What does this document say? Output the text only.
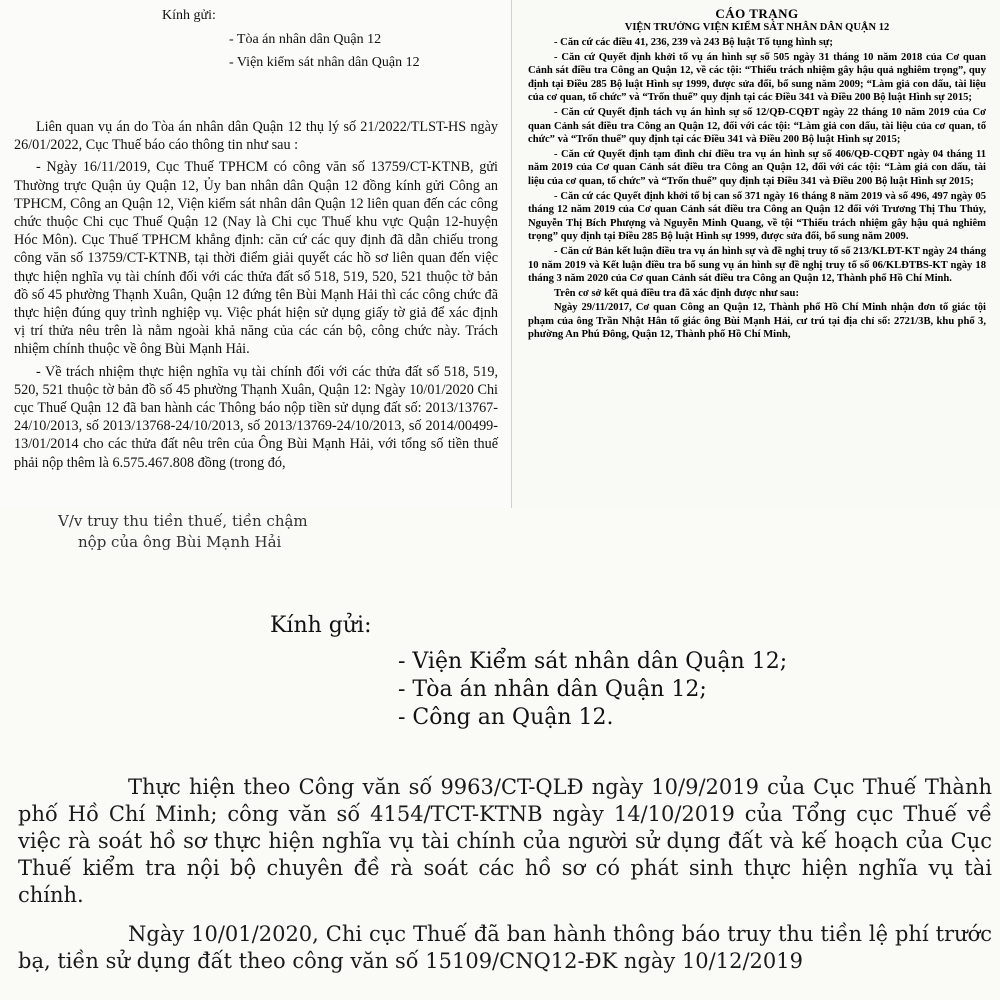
Kính gửi:
- Tòa án nhân dân Quận 12
- Viện kiểm sát nhân dân Quận 12

Liên quan vụ án do Tòa án nhân dân Quận 12 thụ lý số 21/2022/TLST-HS ngày 26/01/2022, Cục Thuế báo cáo thông tin như sau :

- Ngày 16/11/2019, Cục Thuế TPHCM có công văn số 13759/CT-KTNB, gửi Thường trực Quận ủy Quận 12, Ủy ban nhân dân Quận 12 đồng kính gửi Công an TPHCM, Công an Quận 12, Viện kiểm sát nhân dân Quận 12 liên quan đến các công chức thuộc Chi cục Thuế Quận 12 (Nay là Chi cục Thuế khu vực Quận 12-huyện Hóc Môn). Cục Thuế TPHCM khẳng định: căn cứ các quy định đã dẫn chiếu trong công văn số 13759/CT-KTNB, tại thời điểm giải quyết các hồ sơ liên quan đến việc thực hiện nghĩa vụ tài chính đối với các thửa đất số 518, 519, 520, 521 thuộc tờ bản đồ số 45 phường Thạnh Xuân, Quận 12 đứng tên Bùi Mạnh Hải thì các công chức đã thực hiện đúng quy trình nghiệp vụ. Việc phát hiện sử dụng giấy tờ giả để xác định vị trí thửa nêu trên là nằm ngoài khả năng của các cán bộ, công chức này. Trách nhiệm chính thuộc về ông Bùi Mạnh Hải.

- Về trách nhiệm thực hiện nghĩa vụ tài chính đối với các thửa đất số 518, 519, 520, 521 thuộc tờ bản đồ số 45 phường Thạnh Xuân, Quận 12: Ngày 10/01/2020 Chi cục Thuế Quận 12 đã ban hành các Thông báo nộp tiền sử dụng đất số: 2013/13767-24/10/2013, số 2013/13768-24/10/2013, số 2013/13769-24/10/2013, số 2014/00499-13/01/2014 cho các thửa đất nêu trên của Ông Bùi Mạnh Hải, với tổng số tiền thuế phải nộp thêm là 6.575.467.808 đồng (trong đó,

CÁO TRẠNG
VIỆN TRƯỞNG VIỆN KIỂM SÁT NHÂN DÂN QUẬN 12

- Căn cứ các điều 41, 236, 239 và 243 Bộ luật Tố tụng hình sự;

- Căn cứ Quyết định khởi tố vụ án hình sự số 505 ngày 31 tháng 10 năm 2018 của Cơ quan Cảnh sát điều tra Công an Quận 12, về các tội: “Thiếu trách nhiệm gây hậu quả nghiêm trọng”, quy định tại Điều 285 Bộ luật Hình sự 1999, được sửa đổi, bổ sung năm 2009; “Làm giả con dấu, tài liệu của cơ quan, tổ chức” và “Trốn thuế” quy định tại các Điều 341 và Điều 200 Bộ luật Hình sự 2015;

- Căn cứ Quyết định tách vụ án hình sự số 12/QĐ-CQĐT ngày 22 tháng 10 năm 2019 của Cơ quan Cảnh sát điều tra Công an Quận 12, đối với các tội: “Làm giả con dấu, tài liệu của cơ quan, tổ chức” và “Trốn thuế” quy định tại các Điều 341 và Điều 200 Bộ luật Hình sự 2015;

- Căn cứ Quyết định tạm đình chỉ điều tra vụ án hình sự số 406/QĐ-CQĐT ngày 04 tháng 11 năm 2019 của Cơ quan Cảnh sát điều tra Công an Quận 12, đối với các tội: “Làm giả con dấu, tài liệu của cơ quan, tổ chức” và “Trốn thuế” quy định tại Điều 341 và Điều 200 Bộ luật Hình sự 2015;

- Căn cứ các Quyết định khởi tố bị can số 371 ngày 16 tháng 8 năm 2019 và số 496, 497 ngày 05 tháng 12 năm 2019 của Cơ quan Cảnh sát điều tra Công an Quận 12 đối với Trương Thị Thu Thủy, Nguyễn Thị Bích Phượng và Nguyễn Minh Quang, về tội “Thiếu trách nhiệm gây hậu quả nghiêm trọng” quy định tại Điều 285 Bộ luật Hình sự 1999, được sửa đổi, bổ sung năm 2009.

- Căn cứ Bản kết luận điều tra vụ án hình sự và đề nghị truy tố số 213/KLĐT-KT ngày 24 tháng 10 năm 2019 và Kết luận điều tra bổ sung vụ án hình sự đề nghị truy tố số 06/KLĐTBS-KT ngày 18 tháng 3 năm 2020 của Cơ quan Cảnh sát điều tra Công an Quận 12, Thành phố Hồ Chí Minh.

Trên cơ sở kết quả điều tra đã xác định được như sau:

Ngày 29/11/2017, Cơ quan Công an Quận 12, Thành phố Hồ Chí Minh nhận đơn tố giác tội phạm của ông Trần Nhật Hân tố giác ông Bùi Mạnh Hải, cư trú tại địa chỉ số: 2721/3B, khu phố 3, phường An Phú Đông, Quận 12, Thành phố Hồ Chí Minh,

V/v truy thu tiền thuế, tiền chậm
nộp của ông Bùi Mạnh Hải
Kính gửi:
- Viện Kiểm sát nhân dân Quận 12;
- Tòa án nhân dân Quận 12;
- Công an Quận 12.

Thực hiện theo Công văn số 9963/CT-QLĐ ngày 10/9/2019 của Cục Thuế Thành phố Hồ Chí Minh; công văn số 4154/TCT-KTNB ngày 14/10/2019 của Tổng cục Thuế về việc rà soát hồ sơ thực hiện nghĩa vụ tài chính của người sử dụng đất và kế hoạch của Cục Thuế kiểm tra nội bộ chuyên đề rà soát các hồ sơ có phát sinh thực hiện nghĩa vụ tài chính.

Ngày 10/01/2020, Chi cục Thuế đã ban hành thông báo truy thu tiền lệ phí trước bạ, tiền sử dụng đất theo công văn số 15109/CNQ12-ĐK ngày 10/12/2019
